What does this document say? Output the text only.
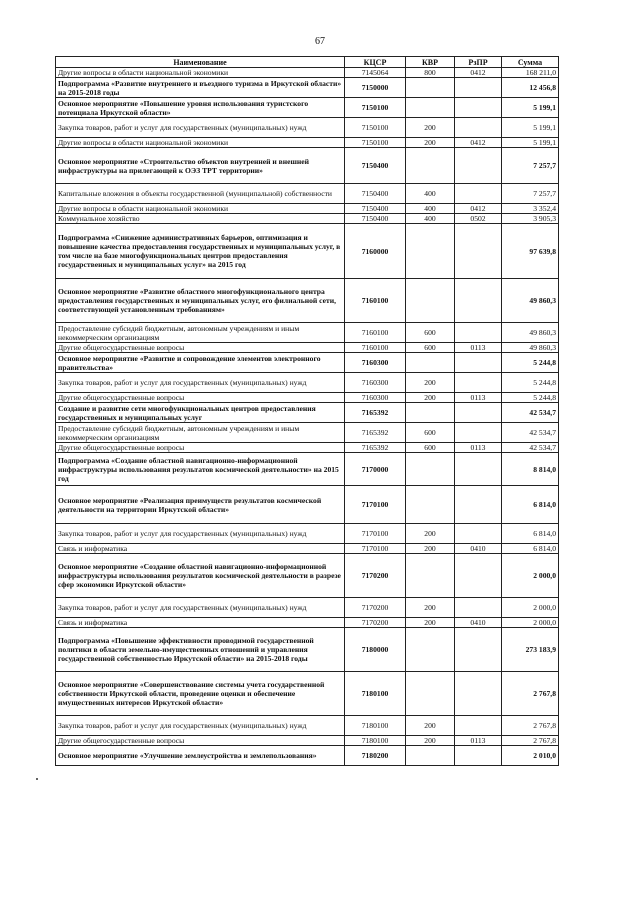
67
Наименование	КЦСР	КВР	РзПР	Сумма
Другие вопросы в области национальной экономики	7145064	800	0412	168 211,0
Подпрограмма «Развитие внутреннего и въездного туризма в Иркутской области» на 2015-2018 годы	7150000			12 456,8
Основное мероприятие «Повышение уровня использования туристского потенциала Иркутской области»	7150100			5 199,1
Закупка товаров, работ и услуг для государственных (муниципальных) нужд	7150100	200		5 199,1
Другие вопросы в области национальной экономики	7150100	200	0412	5 199,1
Основное мероприятие «Строительство объектов внутренней и внешней инфраструктуры на прилегающей к ОЭЗ ТРТ территории»	7150400			7 257,7
Капитальные вложения в объекты государственной (муниципальной) собственности	7150400	400		7 257,7
Другие вопросы в области национальной экономики	7150400	400	0412	3 352,4
Коммунальное хозяйство	7150400	400	0502	3 905,3
Подпрограмма «Снижение административных барьеров, оптимизация и повышение качества предоставления государственных и муниципальных услуг, в том числе на базе многофункциональных центров предоставления государственных и муниципальных услуг» на 2015 год	7160000			97 639,8
Основное мероприятие «Развитие областного многофункционального центра предоставления государственных и муниципальных услуг, его филиальной сети, соответствующей установленным требованиям»	7160100			49 860,3
Предоставление субсидий бюджетным, автономным учреждениям и иным некоммерческим организациям	7160100	600		49 860,3
Другие общегосударственные вопросы	7160100	600	0113	49 860,3
Основное мероприятие «Развитие и сопровождение элементов электронного правительства»	7160300			5 244,8
Закупка товаров, работ и услуг для государственных (муниципальных) нужд	7160300	200		5 244,8
Другие общегосударственные вопросы	7160300	200	0113	5 244,8
Создание и развитие сети многофункциональных центров предоставления государственных и муниципальных услуг	7165392			42 534,7
Предоставление субсидий бюджетным, автономным учреждениям и иным некоммерческим организациям	7165392	600		42 534,7
Другие общегосударственные вопросы	7165392	600	0113	42 534,7
Подпрограмма «Создание областной навигационно-информационной инфраструктуры использования результатов космической деятельности» на 2015 год	7170000			8 814,0
Основное мероприятие «Реализация преимуществ результатов космической деятельности на территории Иркутской области»	7170100			6 814,0
Закупка товаров, работ и услуг для государственных (муниципальных) нужд	7170100	200		6 814,0
Связь и информатика	7170100	200	0410	6 814,0
Основное мероприятие «Создание областной навигационно-информационной инфраструктуры использования результатов космической деятельности в разрезе сфер экономики Иркутской области»	7170200			2 000,0
Закупка товаров, работ и услуг для государственных (муниципальных) нужд	7170200	200		2 000,0
Связь и информатика	7170200	200	0410	2 000,0
Подпрограмма «Повышение эффективности проводимой государственной политики в области земельно-имущественных отношений и управления государственной собственностью Иркутской области» на 2015-2018 годы	7180000			273 183,9
Основное мероприятие «Совершенствование системы учета государственной собственности Иркутской области, проведение оценки и обеспечение имущественных интересов Иркутской области»	7180100			2 767,8
Закупка товаров, работ и услуг для государственных (муниципальных) нужд	7180100	200		2 767,8
Другие общегосударственные вопросы	7180100	200	0113	2 767,8
Основное мероприятие «Улучшение землеустройства и землепользования»	7180200			2 010,0
